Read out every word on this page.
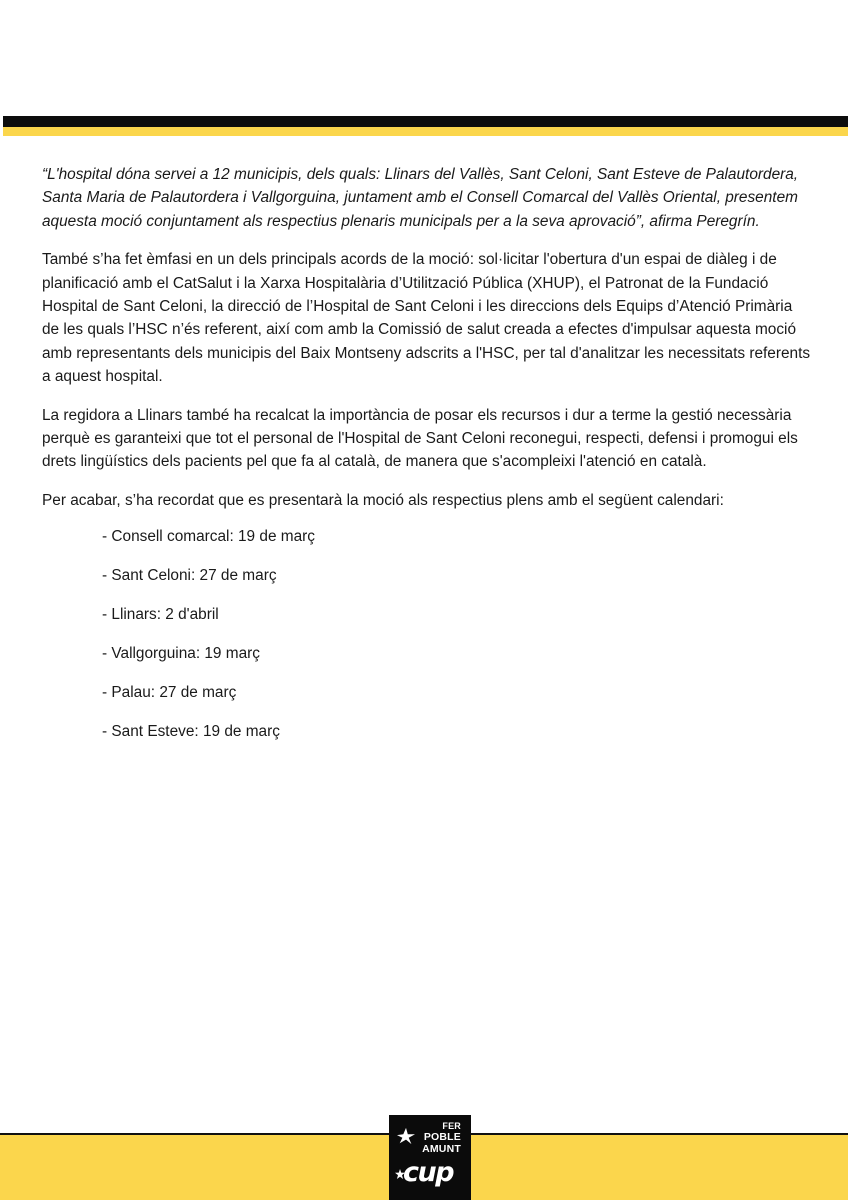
“L'hospital dóna servei a 12 municipis, dels quals: Llinars del Vallès, Sant Celoni, Sant Esteve de Palautordera, Santa Maria de Palautordera i Vallgorguina, juntament amb el Consell Comarcal del Vallès Oriental, presentem aquesta moció conjuntament als respectius plenaris municipals per a la seva aprovació”, afirma Peregrín.

També s’ha fet èmfasi en un dels principals acords de la moció: sol·licitar l'obertura d'un espai de diàleg i de planificació amb el CatSalut i la Xarxa Hospitalària d’Utilització Pública (XHUP), el Patronat de la Fundació Hospital de Sant Celoni, la direcció de l’Hospital de Sant Celoni i les direccions dels Equips d’Atenció Primària de les quals l’HSC n’és referent, així com amb la Comissió de salut creada a efectes d'impulsar aquesta moció amb representants dels municipis del Baix Montseny adscrits a l'HSC, per tal d'analitzar les necessitats referents a aquest hospital.

La regidora a Llinars també ha recalcat la importància de posar els recursos i dur a terme la gestió necessària perquè es garanteixi que tot el personal de l'Hospital de Sant Celoni reconegui, respecti, defensi i promogui els drets lingüístics dels pacients pel que fa al català, de manera que s'acompleixi l'atenció en català.

Per acabar, s’ha recordat que es presentarà la moció als respectius plens amb el següent calendari:

- Consell comarcal: 19 de març
- Sant Celoni: 27 de març
- Llinars: 2 d'abril
- Vallgorguina: 19 març
- Palau: 27 de març
- Sant Esteve: 19 de març
FER
POBLE
AMUNT
cup
